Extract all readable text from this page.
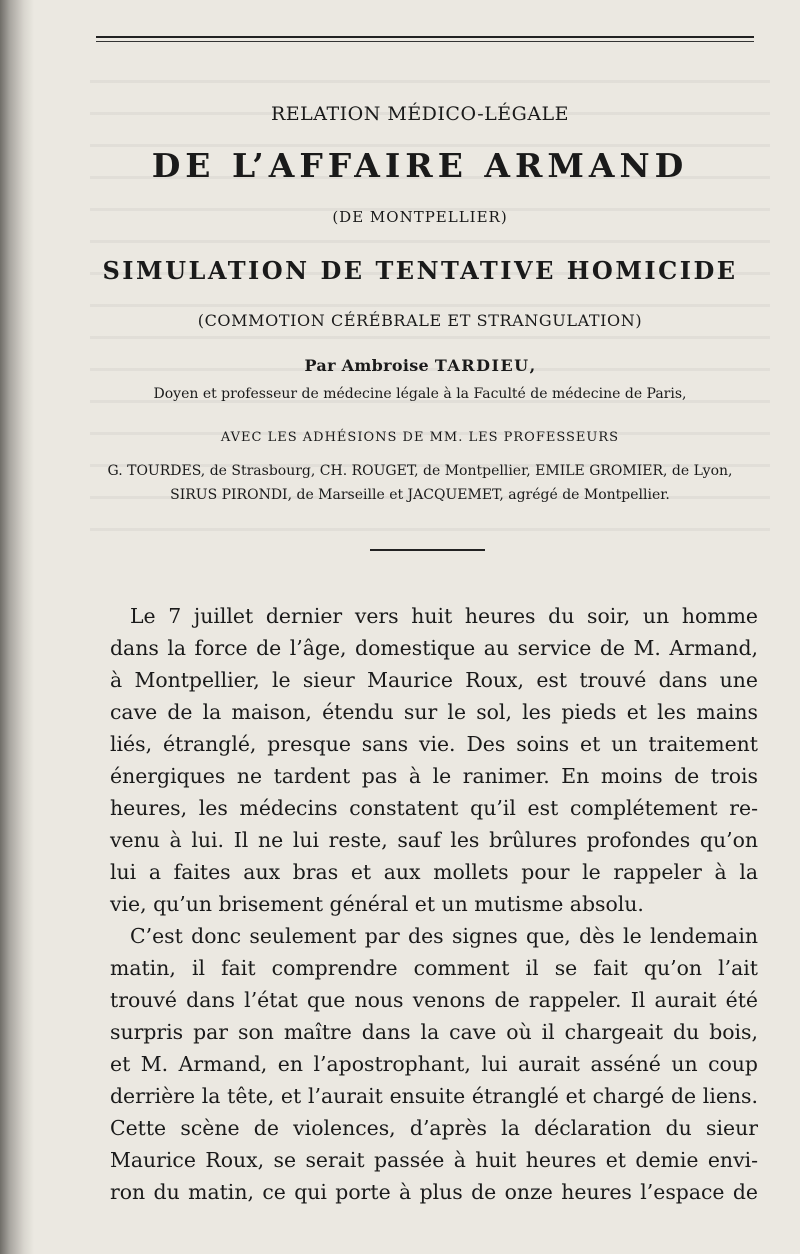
RELATION MÉDICO-LÉGALE
DE L’AFFAIRE ARMAND
(DE MONTPELLIER)
SIMULATION DE TENTATIVE HOMICIDE
(COMMOTION CÉRÉBRALE ET STRANGULATION)
Par Ambroise TARDIEU,
Doyen et professeur de médecine légale à la Faculté de médecine de Paris,
AVEC LES ADHÉSIONS DE MM. LES PROFESSEURS
G. TOURDES, de Strasbourg, CH. ROUGET, de Montpellier, EMILE GROMIER, de Lyon,
SIRUS PIRONDI, de Marseille et JACQUEMET, agrégé de Montpellier.
Le 7 juillet dernier vers huit heures du soir, un homme
dans la force de l’âge, domestique au service de M. Armand,
à Montpellier, le sieur Maurice Roux, est trouvé dans une
cave de la maison, étendu sur le sol, les pieds et les mains
liés, étranglé, presque sans vie. Des soins et un traitement
énergiques ne tardent pas à le ranimer. En moins de trois
heures, les médecins constatent qu’il est complétement re-
venu à lui. Il ne lui reste, sauf les brûlures profondes qu’on
lui a faites aux bras et aux mollets pour le rappeler à la
vie, qu’un brisement général et un mutisme absolu.
C’est donc seulement par des signes que, dès le lendemain
matin, il fait comprendre comment il se fait qu’on l’ait
trouvé dans l’état que nous venons de rappeler. Il aurait été
surpris par son maître dans la cave où il chargeait du bois,
et M. Armand, en l’apostrophant, lui aurait asséné un coup
derrière la tête, et l’aurait ensuite étranglé et chargé de liens.
Cette scène de violences, d’après la déclaration du sieur
Maurice Roux, se serait passée à huit heures et demie envi-
ron du matin, ce qui porte à plus de onze heures l’espace de
